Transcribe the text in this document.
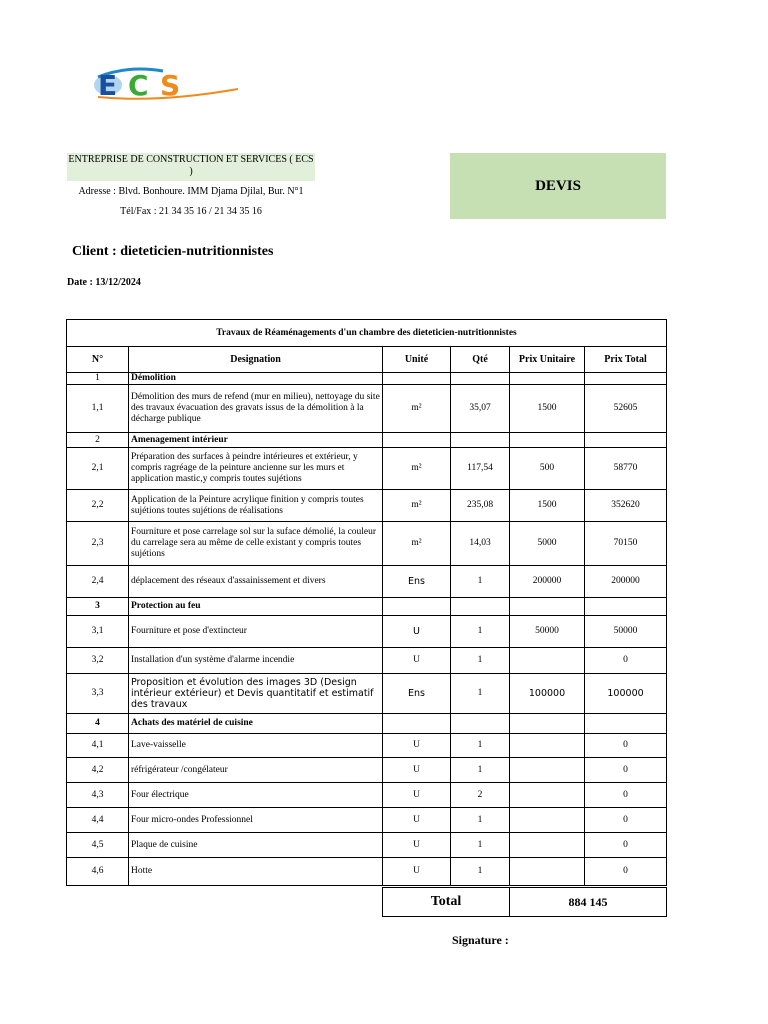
E C S
ENTREPRISE DE CONSTRUCTION ET SERVICES ( ECS )
Adresse : Blvd. Bonhoure. IMM Djama Djilal, Bur. N°1
Tél/Fax : 21 34 35 16 / 21 34 35 16
DEVIS
Client : dieteticien-nutritionnistes
Date : 13/12/2024
Travaux de Réaménagements d'un chambre des dieteticien-nutritionnistes					
N°	Designation	Unité	Qté	Prix Unitaire	Prix Total
1	Démolition				
1,1	Démolition des murs de refend (mur en milieu), nettoyage du site des travaux évacuation des gravats issus de la démolition à la décharge publique	m²	35,07	1500	52605
2	Amenagement intérieur				
2,1	Préparation des surfaces à peindre intérieures et extérieur, y compris ragréage de la peinture ancienne sur les murs et application mastic,y compris toutes sujétions	m²	117,54	500	58770
2,2	Application de la Peinture acrylique finition y compris toutes sujétions toutes sujétions de réalisations	m²	235,08	1500	352620
2,3	Fourniture et pose carrelage sol sur la suface démolié, la couleur du carrelage sera au même de celle existant y compris toutes sujétions	m²	14,03	5000	70150
2,4	déplacement des réseaux d'assainissement et divers	Ens	1	200000	200000
3	Protection au feu				
3,1	Fourniture et pose d'extincteur	U	1	50000	50000
3,2	Installation d'un système d'alarme incendie	U	1		0
3,3	Proposition et évolution des images 3D (Design intérieur extérieur) et Devis quantitatif et estimatif des travaux	Ens	1	100000	100000
4	Achats des matériel de cuisine				
4,1	Lave-vaisselle	U	1		0
4,2	réfrigérateur /congélateur	U	1		0
4,3	Four électrique	U	2		0
4,4	Four micro-ondes Professionnel	U	1		0
4,5	Plaque de cuisine	U	1		0
4,6	Hotte	U	1		0
Total	884 145
Signature :
